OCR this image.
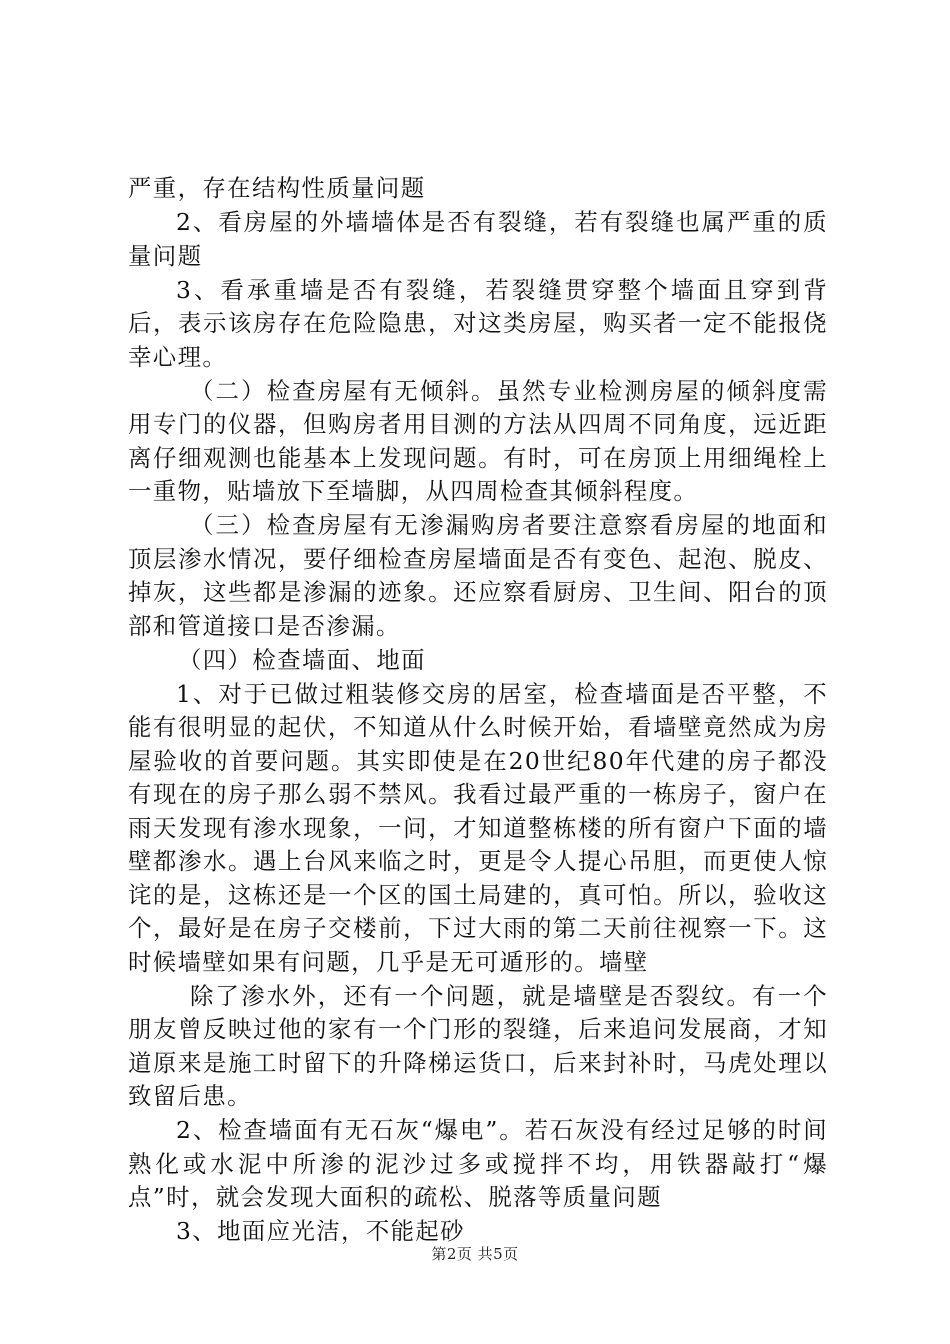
严重，存在结构性质量问题

2、看房屋的外墙墙体是否有裂缝，若有裂缝也属严重的质量问题

3、看承重墙是否有裂缝，若裂缝贯穿整个墙面且穿到背后，表示该房存在危险隐患，对这类房屋，购买者一定不能报侥幸心理。

（二）检查房屋有无倾斜。虽然专业检测房屋的倾斜度需用专门的仪器，但购房者用目测的方法从四周不同角度，远近距离仔细观测也能基本上发现问题。有时，可在房顶上用细绳栓上一重物，贴墙放下至墙脚，从四周检查其倾斜程度。

（三）检查房屋有无渗漏购房者要注意察看房屋的地面和顶层渗水情况，要仔细检查房屋墙面是否有变色、起泡、脱皮、掉灰，这些都是渗漏的迹象。还应察看厨房、卫生间、阳台的顶部和管道接口是否渗漏。

（四）检查墙面、地面

1、对于已做过粗装修交房的居室，检查墙面是否平整，不能有很明显的起伏，不知道从什么时候开始，看墙壁竟然成为房屋验收的首要问题。其实即使是在20世纪80年代建的房子都没有现在的房子那么弱不禁风。我看过最严重的一栋房子，窗户在雨天发现有渗水现象，一问，才知道整栋楼的所有窗户下面的墙壁都渗水。遇上台风来临之时，更是令人提心吊胆，而更使人惊诧的是，这栋还是一个区的国土局建的，真可怕。所以，验收这个，最好是在房子交楼前，下过大雨的第二天前往视察一下。这时候墙壁如果有问题，几乎是无可遁形的。墙壁

除了渗水外，还有一个问题，就是墙壁是否裂纹。有一个朋友曾反映过他的家有一个门形的裂缝，后来追问发展商，才知道原来是施工时留下的升降梯运货口，后来封补时，马虎处理以致留后患。

2、检查墙面有无石灰“爆电”。若石灰没有经过足够的时间熟化或水泥中所渗的泥沙过多或搅拌不均，用铁器敲打“爆点”时，就会发现大面积的疏松、脱落等质量问题

3、地面应光洁，不能起砂

第2页 共5页
